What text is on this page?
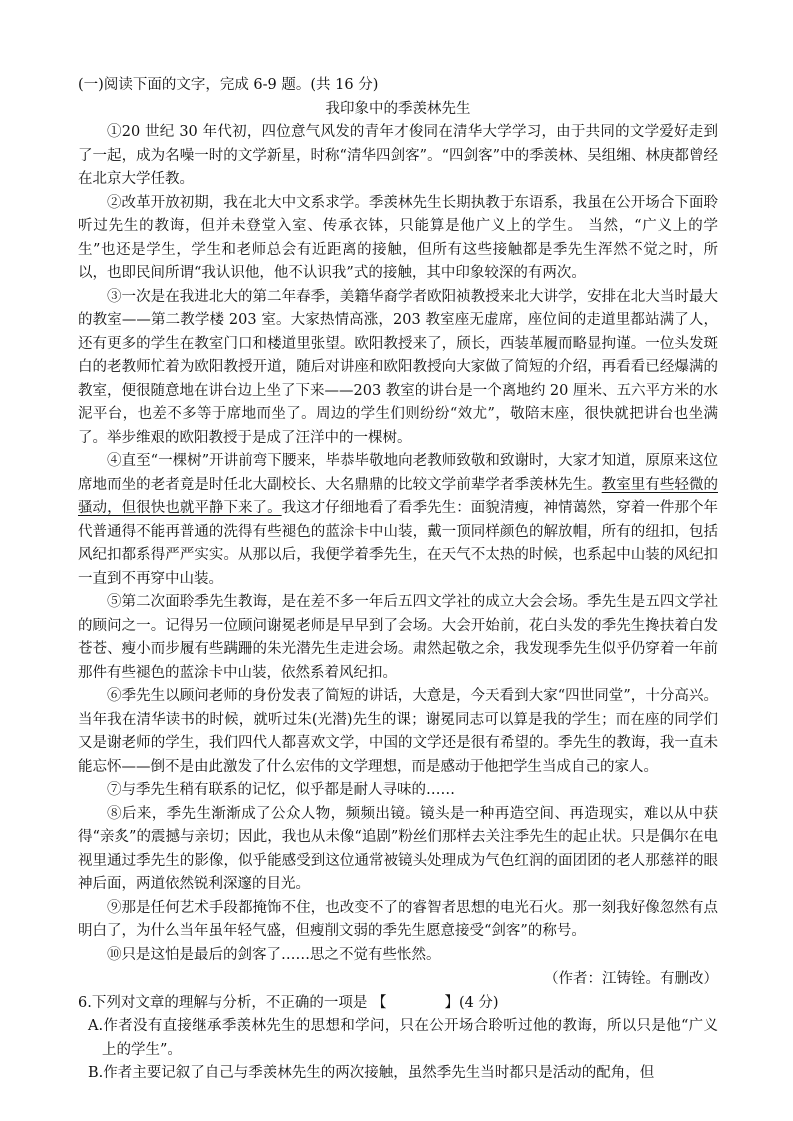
(一)阅读下面的文字，完成 6-9 题。(共 16 分)

我印象中的季羡林先生

①20 世纪 30 年代初，四位意气风发的青年才俊同在清华大学学习，由于共同的文学爱好走到了一起，成为名噪一时的文学新星，时称“清华四剑客”。“四剑客”中的季羡林、吴组缃、林庚都曾经在北京大学任教。

②改革开放初期，我在北大中文系求学。季羡林先生长期执教于东语系，我虽在公开场合下面聆听过先生的教诲，但并未登堂入室、传承衣钵，只能算是他广义上的学生。 当然，“广义上的学生”也还是学生，学生和老师总会有近距离的接触，但所有这些接触都是季先生浑然不觉之时，所以，也即民间所谓“我认识他，他不认识我”式的接触，其中印象较深的有两次。

③一次是在我进北大的第二年春季，美籍华裔学者欧阳祯教授来北大讲学，安排在北大当时最大的教室——第二教学楼 203 室。大家热情高涨，203 教室座无虚席，座位间的走道里都站满了人，还有更多的学生在教室门口和楼道里张望。欧阳教授来了，颀长，西装革履而略显拘谨。一位头发斑白的老教师忙着为欧阳教授开道，随后对讲座和欧阳教授向大家做了简短的介绍，再看看已经爆满的教室，便很随意地在讲台边上坐了下来——203 教室的讲台是一个离地约 20 厘米、五六平方米的水泥平台，也差不多等于席地而坐了。周边的学生们则纷纷“效尤”，敬陪末座，很快就把讲台也坐满了。举步维艰的欧阳教授于是成了汪洋中的一棵树。

④直至“一棵树”开讲前弯下腰来，毕恭毕敬地向老教师致敬和致谢时，大家才知道，原原来这位席地而坐的老者竟是时任北大副校长、大名鼎鼎的比较文学前辈学者季羡林先生。教室里有些轻微的骚动，但很快也就平静下来了。我这才仔细地看了看季先生：面貌清瘦，神情蔼然，穿着一件那个年代普通得不能再普通的洗得有些褪色的蓝涂卡中山装，戴一顶同样颜色的解放帽，所有的纽扣，包括风纪扣都系得严严实实。从那以后，我便学着季先生，在天气不太热的时候，也系起中山装的风纪扣一直到不再穿中山装。

⑤第二次面聆季先生教诲，是在差不多一年后五四文学社的成立大会会场。季先生是五四文学社的顾问之一。记得另一位顾问谢冕老师是早早到了会场。大会开始前，花白头发的季先生搀扶着白发苍苍、瘦小而步履有些蹒跚的朱光潜先生走进会场。肃然起敬之余，我发现季先生似乎仍穿着一年前那件有些褪色的蓝涂卡中山装，依然系着风纪扣。

⑥季先生以顾问老师的身份发表了简短的讲话，大意是，今天看到大家“四世同堂”，十分高兴。当年我在清华读书的时候，就听过朱(光潜)先生的课；谢冕同志可以算是我的学生；而在座的同学们又是谢老师的学生，我们四代人都喜欢文学，中国的文学还是很有希望的。季先生的教诲，我一直未能忘怀——倒不是由此激发了什么宏伟的文学理想，而是感动于他把学生当成自己的家人。

⑦与季先生稍有联系的记忆，似乎都是耐人寻味的……

⑧后来，季先生渐渐成了公众人物，频频出镜。镜头是一种再造空间、再造现实，难以从中获得“亲炙”的震撼与亲切；因此，我也从未像“追剧”粉丝们那样去关注季先生的起止状。只是偶尔在电视里通过季先生的影像，似乎能感受到这位通常被镜头处理成为气色红润的面团团的老人那慈祥的眼神后面，两道依然锐利深邃的目光。

⑨那是任何艺术手段都掩饰不住，也改变不了的睿智者思想的电光石火。那一刻我好像忽然有点明白了，为什么当年虽年轻气盛，但瘦削文弱的季先生愿意接受“剑客”的称号。

⑩只是这怕是最后的剑客了……思之不觉有些怅然。

（作者：江铸铨。有删改）

6.下列对文章的理解与分析，不正确的一项是 【　　　　】(4 分)

A.作者没有直接继承季羡林先生的思想和学问，只在公开场合聆听过他的教诲，所以只是他“广义上的学生”。

B.作者主要记叙了自己与季羡林先生的两次接触，虽然季先生当时都只是活动的配角，但
